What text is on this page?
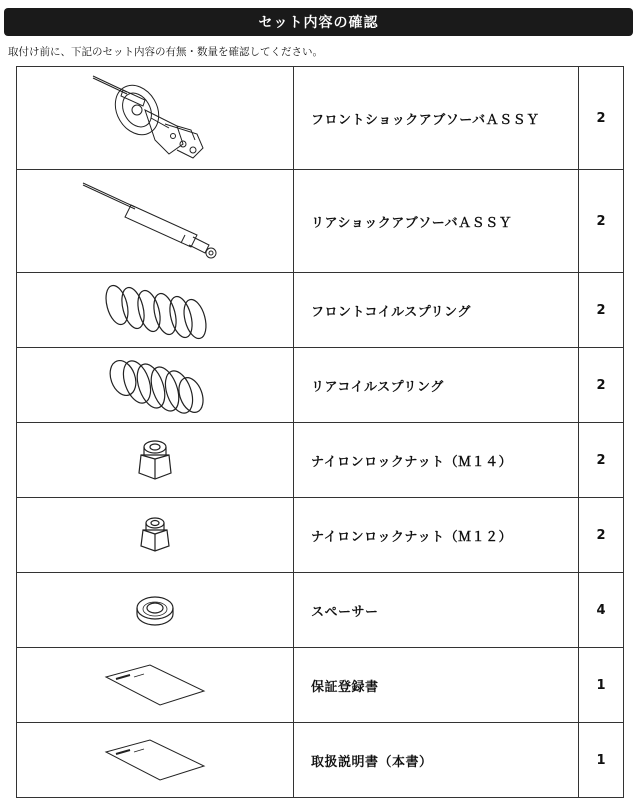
セット内容の確認
取付け前に、下記のセット内容の有無・数量を確認してください。
	フロントショックアブソーバＡＳＳＹ	2

	リアショックアブソーバＡＳＳＹ	2

	フロントコイルスプリング	2

	リアコイルスプリング	2

	ナイロンロックナット（Ｍ１４）	2

	ナイロンロックナット（Ｍ１２）	2

	スペーサー	4

	保証登録書	1

	取扱説明書（本書）	1
